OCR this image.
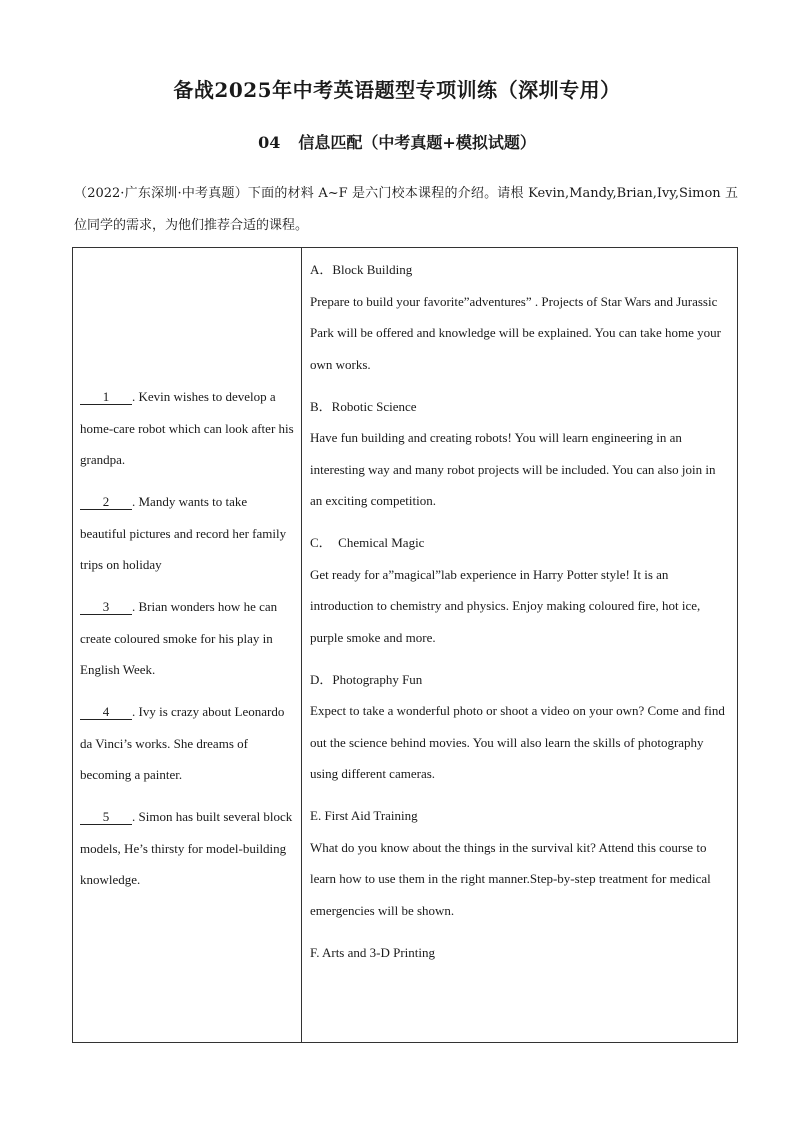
备战2025年中考英语题型专项训练（深圳专用）
04 信息匹配（中考真题+模拟试题）
（2022·广东深圳·中考真题）下面的材料 A~F 是六门校本课程的介绍。请根 Kevin,Mandy,Brian,Ivy,Simon 五位同学的需求，为他们推荐合适的课程。

1 . Kevin wishes to develop a home-care robot which can look after his grandpa.

2 . Mandy wants to take beautiful pictures and record her family trips on holiday

3 . Brian wonders how he can create coloured smoke for his play in English Week.

4 . Ivy is crazy about Leonardo da Vinci’s works. She dreams of becoming a painter.

5 . Simon has built several block models, He’s thirsty for model-building knowledge.

A．Block Building

Prepare to build your favorite”adventures” . Projects of Star Wars and Jurassic Park will be offered and knowledge will be explained. You can take home your own works.

B．Robotic Science

Have fun building and creating robots! You will learn engineering in an interesting way and many robot projects will be included. You can also join in an exciting competition.

C．　Chemical Magic

Get ready for a”magical”lab experience in Harry Potter style! It is an introduction to chemistry and physics. Enjoy making coloured fire, hot ice, purple smoke and more.

D．Photography Fun

Expect to take a wonderful photo or shoot a video on your own? Come and find out the science behind movies. You will also learn the skills of photography using different cameras.

E. First Aid Training

What do you know about the things in the survival kit? Attend this course to learn how to use them in the right manner.Step-by-step treatment for medical emergencies will be shown.

F. Arts and 3-D Printing
